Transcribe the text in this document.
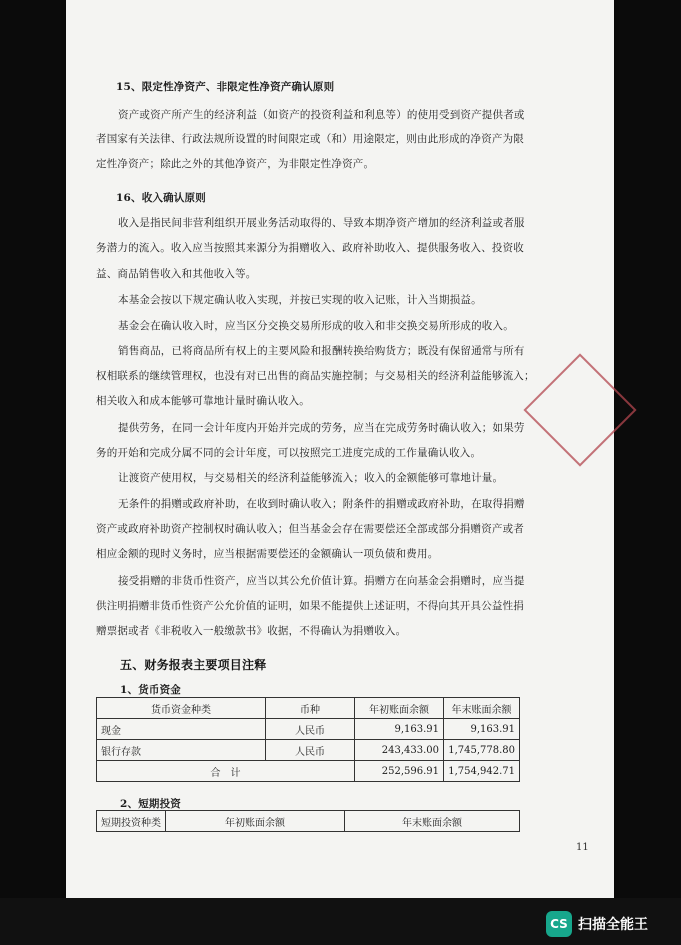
15、限定性净资产、非限定性净资产确认原则
资产或资产所产生的经济利益（如资产的投资利益和利息等）的使用受到资产提供者或
者国家有关法律、行政法规所设置的时间限定或（和）用途限定，则由此形成的净资产为限
定性净资产；除此之外的其他净资产，为非限定性净资产。
16、收入确认原则
收入是指民间非营利组织开展业务活动取得的、导致本期净资产增加的经济利益或者服
务潜力的流入。收入应当按照其来源分为捐赠收入、政府补助收入、提供服务收入、投资收
益、商品销售收入和其他收入等。
本基金会按以下规定确认收入实现，并按已实现的收入记账，计入当期损益。
基金会在确认收入时，应当区分交换交易所形成的收入和非交换交易所形成的收入。
销售商品，已将商品所有权上的主要风险和报酬转换给购货方；既没有保留通常与所有
权相联系的继续管理权，也没有对已出售的商品实施控制；与交易相关的经济利益能够流入；
相关收入和成本能够可靠地计量时确认收入。
提供劳务，在同一会计年度内开始并完成的劳务，应当在完成劳务时确认收入；如果劳
务的开始和完成分属不同的会计年度，可以按照完工进度完成的工作量确认收入。
让渡资产使用权，与交易相关的经济利益能够流入；收入的金额能够可靠地计量。
无条件的捐赠或政府补助，在收到时确认收入；附条件的捐赠或政府补助，在取得捐赠
资产或政府补助资产控制权时确认收入；但当基金会存在需要偿还全部或部分捐赠资产或者
相应金额的现时义务时，应当根据需要偿还的金额确认一项负债和费用。
接受捐赠的非货币性资产，应当以其公允价值计算。捐赠方在向基金会捐赠时，应当提
供注明捐赠非货币性资产公允价值的证明，如果不能提供上述证明，不得向其开具公益性捐
赠票据或者《非税收入一般缴款书》收据，不得确认为捐赠收入。
五、财务报表主要项目注释
1、货币资金
货币资金种类	币种	年初账面余额	年末账面余额
现金	人民币	9,163.91	9,163.91
银行存款	人民币	243,433.00	1,745,778.80
合　计		252,596.91	1,754,942.71
2、短期投资
短期投资种类	年初账面余额	年末账面余额
11
CS 扫描全能王
